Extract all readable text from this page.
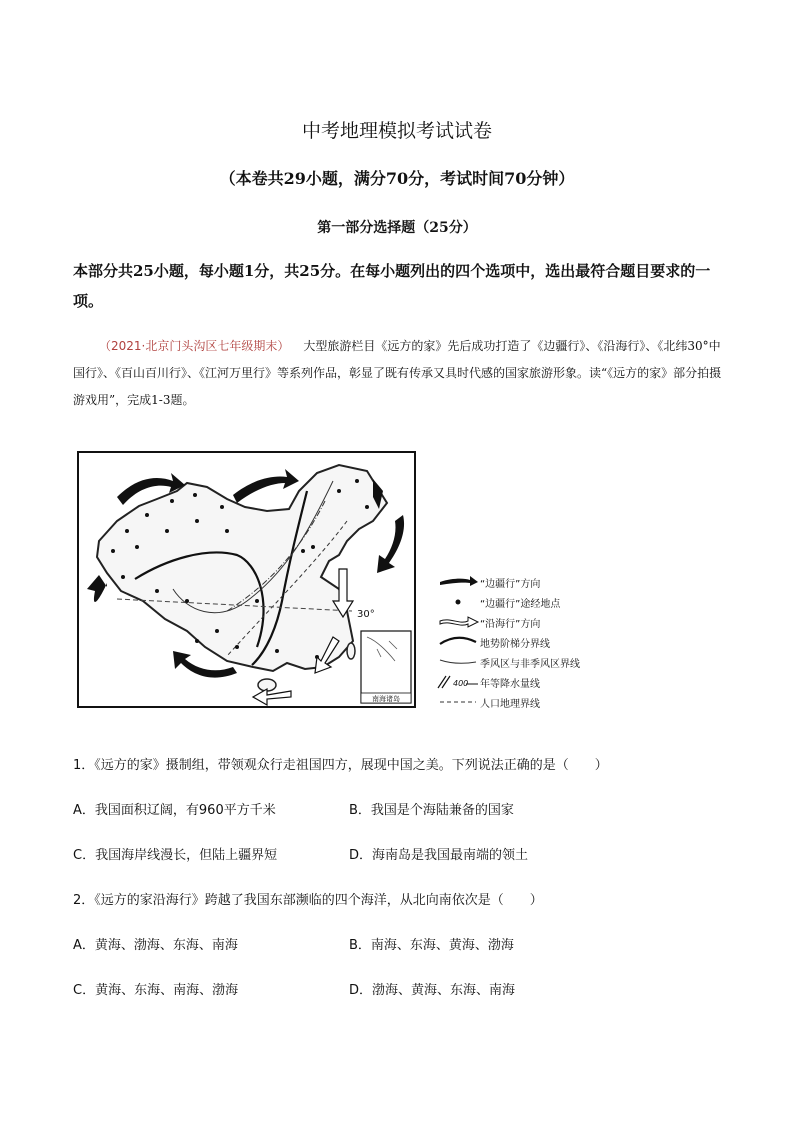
中考地理模拟考试试卷
（本卷共29小题，满分70分，考试时间70分钟）
第一部分选择题（25分）
本部分共25小题，每小题1分，共25分。在每小题列出的四个选项中，选出最符合题目要求的一项。
（2021·北京门头沟区七年级期末） 大型旅游栏目《远方的家》先后成功打造了《边疆行》、《沿海行》、《北纬30°中国行》、《百山百川行》、《江河万里行》等系列作品，彰显了既有传承又具时代感的国家旅游形象。读“《远方的家》部分拍摄游戏用”，完成1-3题。
30°
南海诸岛
“边疆行”方向
“边疆行”途经地点
“沿海行”方向
地势阶梯分界线
季风区与非季风区界线
400 年等降水量线
人口地理界线
1．《远方的家》摄制组，带领观众行走祖国四方，展现中国之美。下列说法正确的是（　　）
A．我国面积辽阔，有960平方千米	B．我国是个海陆兼备的国家
C．我国海岸线漫长，但陆上疆界短	D．海南岛是我国最南端的领土
2．《远方的家沿海行》跨越了我国东部濒临的四个海洋，从北向南依次是（　　）
A．黄海、渤海、东海、南海	B．南海、东海、黄海、渤海
C．黄海、东海、南海、渤海	D．渤海、黄海、东海、南海
